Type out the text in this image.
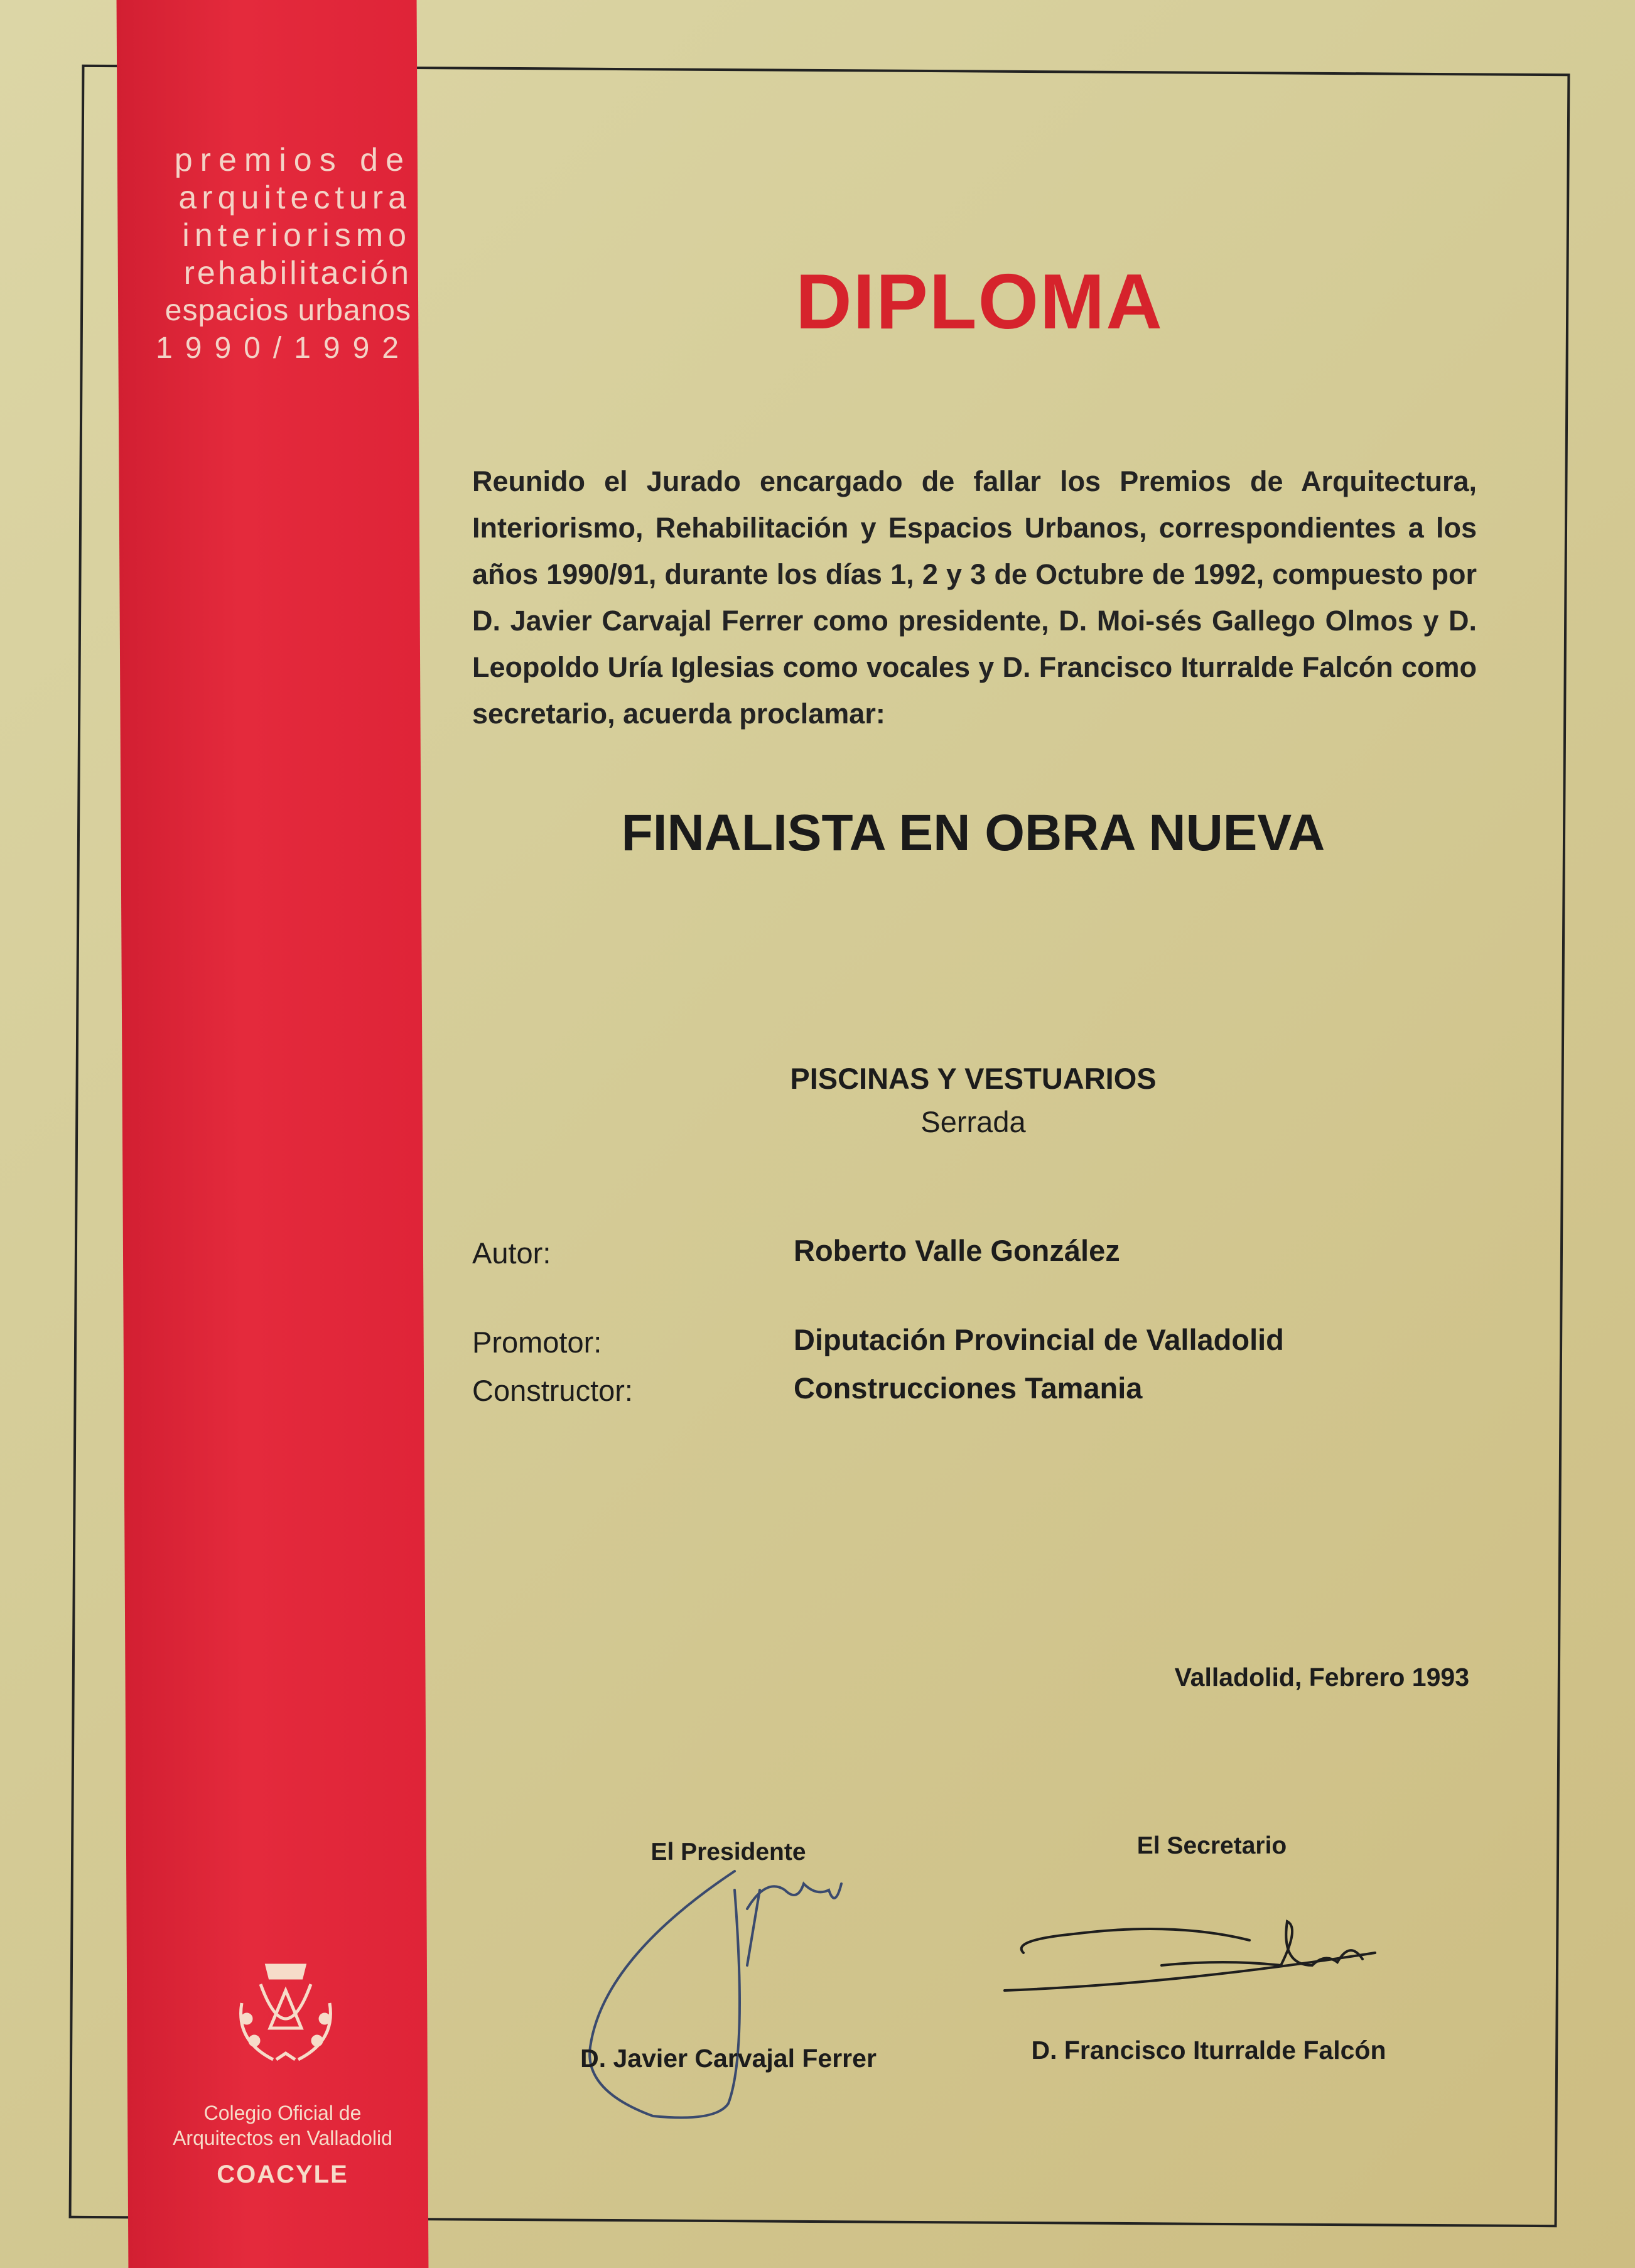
premios de
arquitectura
interiorismo
rehabilitación
espacios urbanos
1990/1992
Colegio Oficial de
Arquitectos en Valladolid
COACYLE
DIPLOMA
Reunido el Jurado encargado de fallar los Premios de Arquitectura, Interiorismo, Rehabilitación y Espacios Urbanos, correspondientes a los años 1990/91, durante los días 1, 2 y 3 de Octubre de 1992, compuesto por D. Javier Carvajal Ferrer como presidente, D. Moi-sés Gallego Olmos y D. Leopoldo Uría Iglesias como vocales y D. Francisco Iturralde Falcón como secretario, acuerda proclamar:
FINALISTA EN OBRA NUEVA
PISCINAS Y VESTUARIOS
Serrada
Autor:	Roberto Valle González
Promotor:	Diputación Provincial de Valladolid
Constructor:	Construcciones Tamania
Valladolid, Febrero 1993
El Presidente	El Secretario
D. Javier Carvajal Ferrer	D. Francisco Iturralde Falcón
